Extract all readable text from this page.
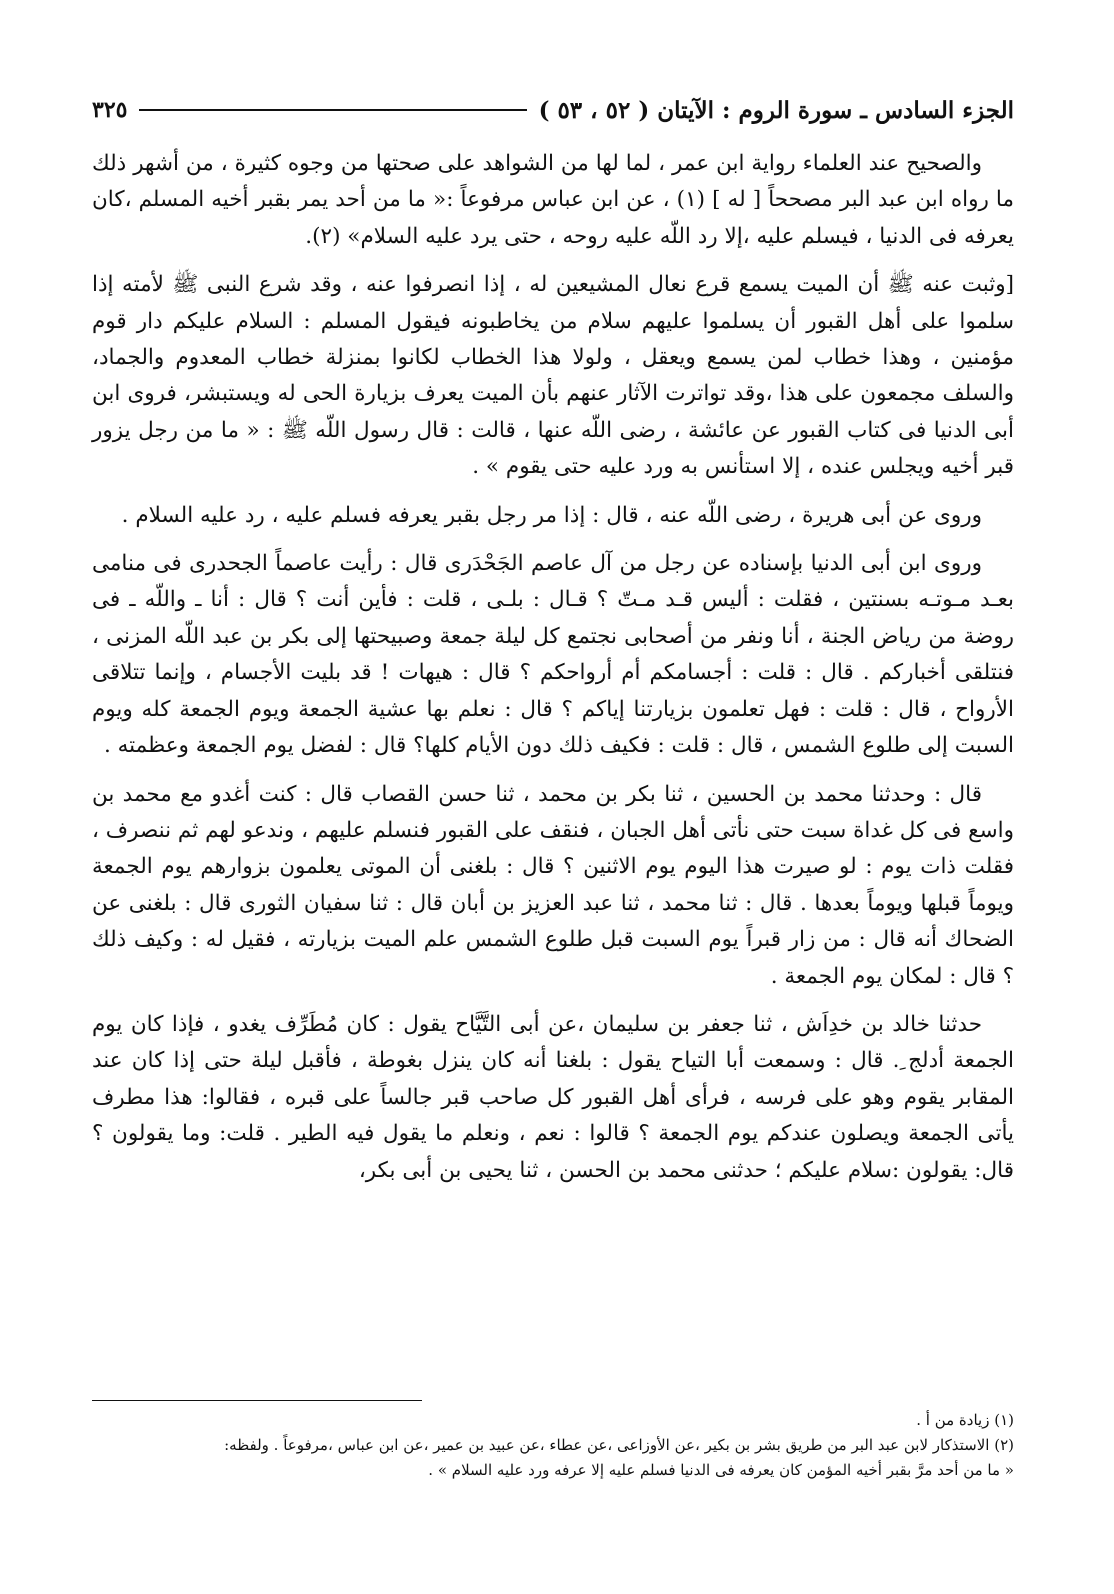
الجزء السادس ـ سورة الروم : الآيتان ( ٥٢ ، ٥٣ )
٣٢٥

والصحيح عند العلماء رواية ابن عمر ، لما لها من الشواهد على صحتها من وجوه كثيرة ، من أشهر ذلك ما رواه ابن عبد البر مصححاً [ له ] (١) ، عن ابن عباس مرفوعاً :« ما من أحد يمر بقبر أخيه المسلم ،كان يعرفه فى الدنيا ، فيسلم عليه ،إلا رد اللّه عليه روحه ، حتى يرد عليه السلام» (٢).

[وثبت عنه ﷺ أن الميت يسمع قرع نعال المشيعين له ، إذا انصرفوا عنه ، وقد شرع النبى ﷺ لأمته إذا سلموا على أهل القبور أن يسلموا عليهم سلام من يخاطبونه فيقول المسلم : السلام عليكم دار قوم مؤمنين ، وهذا خطاب لمن يسمع ويعقل ، ولولا هذا الخطاب لكانوا بمنزلة خطاب المعدوم والجماد، والسلف مجمعون على هذا ،وقد تواترت الآثار عنهم بأن الميت يعرف بزيارة الحى له ويستبشر، فروى ابن أبى الدنيا فى كتاب القبور عن عائشة ، رضى اللّه عنها ، قالت : قال رسول اللّه ﷺ : « ما من رجل يزور قبر أخيه ويجلس عنده ، إلا استأنس به ورد عليه حتى يقوم » .

وروى عن أبى هريرة ، رضى اللّه عنه ، قال : إذا مر رجل بقبر يعرفه فسلم عليه ، رد عليه السلام .

وروى ابن أبى الدنيا بإسناده عن رجل من آل عاصم الجَحْدَرى قال : رأيت عاصماً الجحدرى فى منامى بعـد مـوتـه بسنتين ، فقلت : أليس قـد مـتّ ؟ قـال : بلـى ، قلت : فأين أنت ؟ قال : أنا ـ واللّه ـ فى روضة من رياض الجنة ، أنا ونفر من أصحابى نجتمع كل ليلة جمعة وصبيحتها إلى بكر بن عبد اللّه المزنى ، فنتلقى أخباركم . قال : قلت : أجسامكم أم أرواحكم ؟ قال : هيهات ! قد بليت الأجسام ، وإنما تتلاقى الأرواح ، قال : قلت : فهل تعلمون بزيارتنا إياكم ؟ قال : نعلم بها عشية الجمعة ويوم الجمعة كله ويوم السبت إلى طلوع الشمس ، قال : قلت : فكيف ذلك دون الأيام كلها؟ قال : لفضل يوم الجمعة وعظمته .

قال : وحدثنا محمد بن الحسين ، ثنا بكر بن محمد ، ثنا حسن القصاب قال : كنت أغدو مع محمد بن واسع فى كل غداة سبت حتى نأتى أهل الجبان ، فنقف على القبور فنسلم عليهم ، وندعو لهم ثم ننصرف ، فقلت ذات يوم : لو صيرت هذا اليوم يوم الاثنين ؟ قال : بلغنى أن الموتى يعلمون بزوارهم يوم الجمعة ويوماً قبلها ويوماً بعدها . قال : ثنا محمد ، ثنا عبد العزيز بن أبان قال : ثنا سفيان الثورى قال : بلغنى عن الضحاك أنه قال : من زار قبراً يوم السبت قبل طلوع الشمس علم الميت بزيارته ، فقيل له : وكيف ذلك ؟ قال : لمكان يوم الجمعة .

حدثنا خالد بن خدِاَش ، ثنا جعفر بن سليمان ،عن أبى التَّيَّاح يقول : كان مُطَرِّف يغدو ، فإذا كان يوم الجمعة أدلج ِ. قال : وسمعت أبا التياح يقول : بلغنا أنه كان ينزل بغوطة ، فأقبل ليلة حتى إذا كان عند المقابر يقوم وهو على فرسه ، فرأى أهل القبور كل صاحب قبر جالساً على قبره ، فقالوا: هذا مطرف يأتى الجمعة ويصلون عندكم يوم الجمعة ؟ قالوا : نعم ، ونعلم ما يقول فيه الطير . قلت: وما يقولون ؟ قال: يقولون :سلام عليكم ؛ حدثنى محمد بن الحسن ، ثنا يحيى بن أبى بكر،

(١) زيادة من أ .

(٢) الاستذكار لابن عبد البر من طريق بشر بن بكير ،عن الأوزاعى ،عن عطاء ،عن عبيد بن عمير ،عن ابن عباس ،مرفوعاً . ولفظه:

« ما من أحد مرَّ بقبر أخيه المؤمن كان يعرفه فى الدنيا فسلم عليه إلا عرفه ورد عليه السلام » .
